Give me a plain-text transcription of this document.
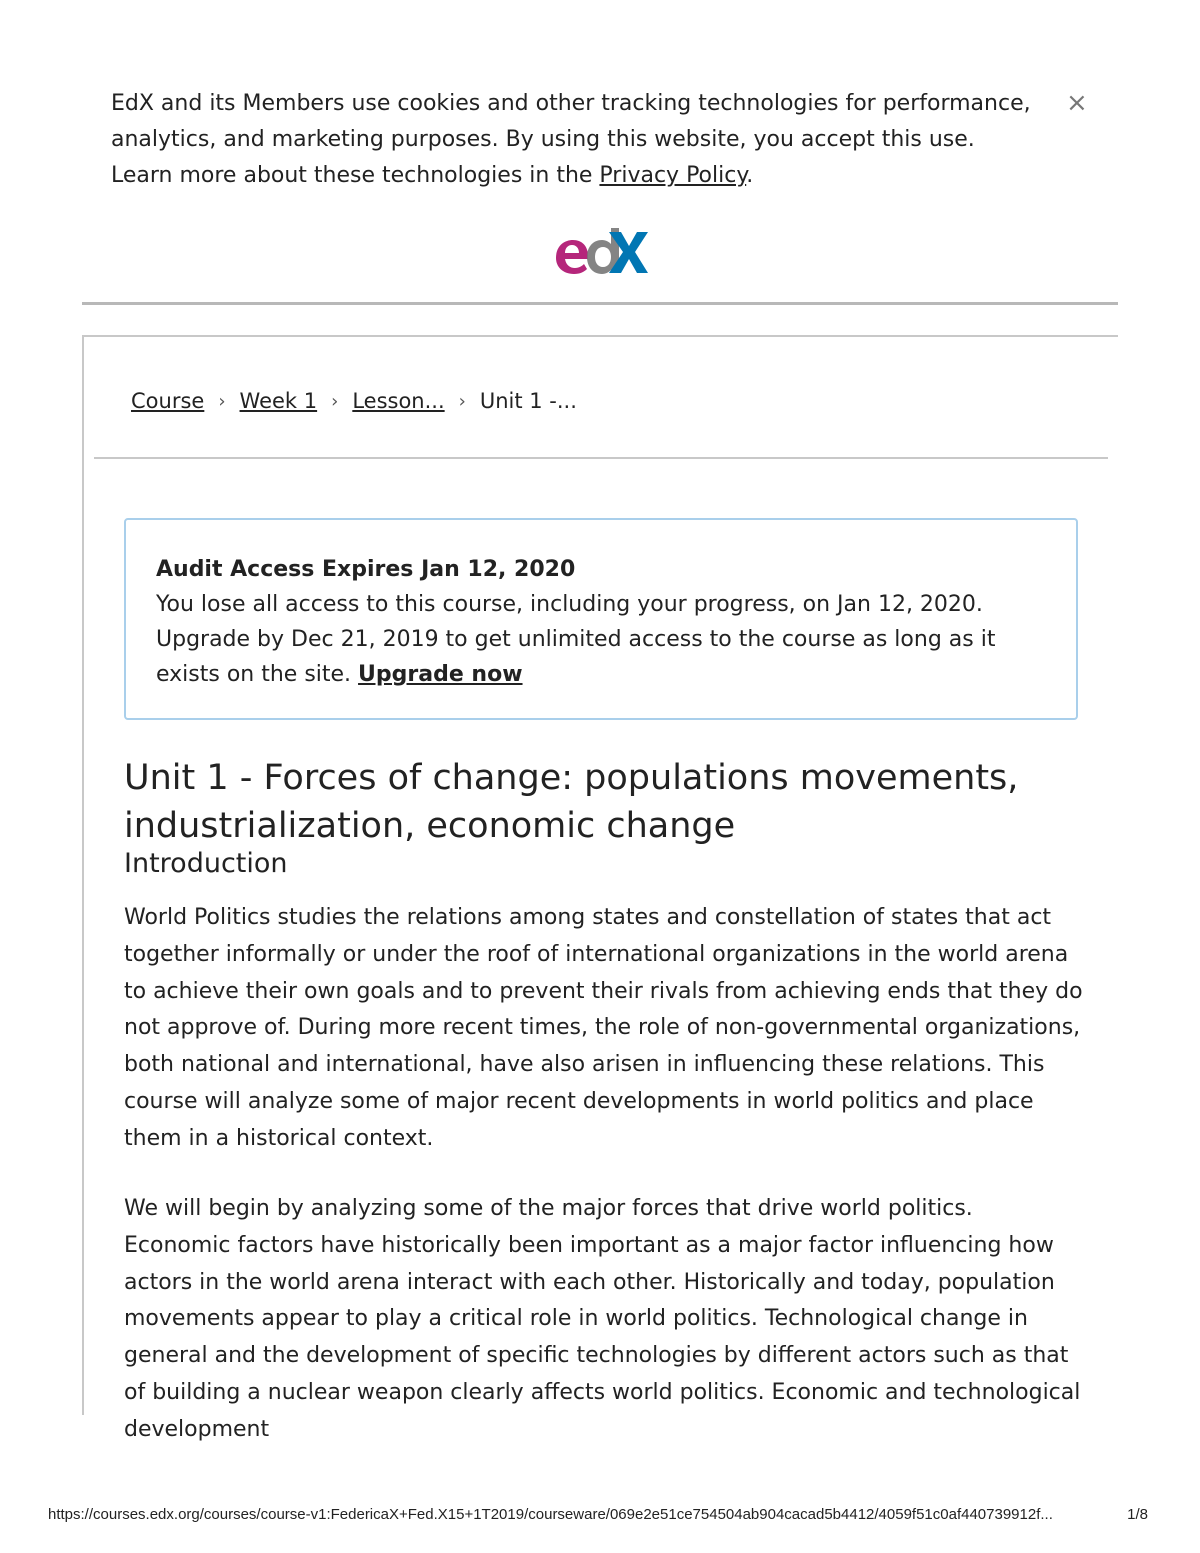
EdX and its Members use cookies and other tracking technologies for performance, analytics, and marketing purposes. By using this website, you accept this use. Learn more about these technologies in the Privacy Policy.
×
Course › Week 1 › Lesson... › Unit 1 -...
Audit Access Expires Jan 12, 2020
You lose all access to this course, including your progress, on Jan 12, 2020. Upgrade by Dec 21, 2019 to get unlimited access to the course as long as it exists on the site. Upgrade now
Unit 1 - Forces of change: populations movements, industrialization, economic change
Introduction

World Politics studies the relations among states and constellation of states that act together informally or under the roof of international organizations in the world arena to achieve their own goals and to prevent their rivals from achieving ends that they do not approve of. During more recent times, the role of non-governmental organizations, both national and international, have also arisen in influencing these relations. This course will analyze some of major recent developments in world politics and place them in a historical context.

We will begin by analyzing some of the major forces that drive world politics. Economic factors have historically been important as a major factor influencing how actors in the world arena interact with each other. Historically and today, population movements appear to play a critical role in world politics. Technological change in general and the development of specific technologies by different actors such as that of building a nuclear weapon clearly affects world politics. Economic and technological development

https://courses.edx.org/courses/course-v1:FedericaX+Fed.X15+1T2019/courseware/069e2e51ce754504ab904cacad5b4412/4059f51c0af440739912f...	1/8
